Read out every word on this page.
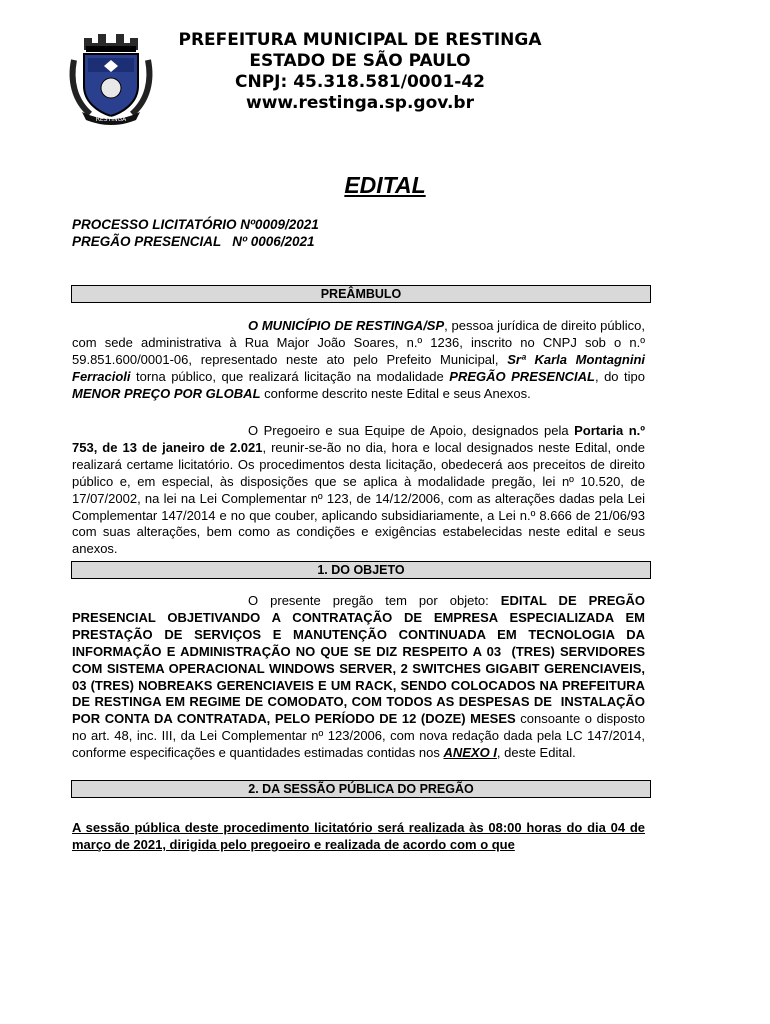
RESTINGA
PREFEITURA MUNICIPAL DE RESTINGA
ESTADO DE SÃO PAULO
CNPJ: 45.318.581/0001-42
www.restinga.sp.gov.br
EDITAL
PROCESSO LICITATÓRIO Nº0009/2021
PREGÃO PRESENCIAL   Nº 0006/2021
PREÂMBULO
O MUNICÍPIO DE RESTINGA/SP, pessoa jurídica de direito público, com sede administrativa à Rua Major João Soares, n.º 1236, inscrito no CNPJ sob o n.º 59.851.600/0001-06, representado neste ato pelo Prefeito Municipal, Srª Karla Montagnini Ferracioli torna público, que realizará licitação na modalidade PREGÃO PRESENCIAL, do tipo  MENOR PREÇO POR GLOBAL conforme descrito neste Edital e seus Anexos.
O Pregoeiro e sua Equipe de Apoio, designados pela Portaria n.º 753, de 13 de janeiro de 2.021, reunir-se-ão no dia, hora e local designados neste Edital, onde realizará certame licitatório. Os procedimentos desta licitação, obedecerá aos preceitos de direito público e, em especial, às disposições que se aplica à modalidade pregão, lei nº 10.520, de 17/07/2002, na lei na Lei Complementar nº 123, de 14/12/2006, com as alterações dadas pela Lei Complementar 147/2014 e no que couber, aplicando subsidiariamente, a Lei n.º 8.666 de 21/06/93 com suas alterações, bem como as condições e exigências estabelecidas neste edital e seus anexos.
1. DO OBJETO
O presente pregão tem por objeto: EDITAL DE PREGÃO PRESENCIAL OBJETIVANDO A CONTRATAÇÃO DE EMPRESA ESPECIALIZADA EM PRESTAÇÃO DE SERVIÇOS E MANUTENÇÃO CONTINUADA EM TECNOLOGIA DA INFORMAÇÃO E ADMINISTRAÇÃO NO QUE SE DIZ RESPEITO A 03  (TRES) SERVIDORES COM SISTEMA OPERACIONAL WINDOWS SERVER, 2 SWITCHES GIGABIT GERENCIAVEIS, 03 (TRES) NOBREAKS GERENCIAVEIS E UM RACK, SENDO COLOCADOS NA PREFEITURA DE RESTINGA EM REGIME DE COMODATO, COM TODOS AS DESPESAS DE  INSTALAÇÃO POR CONTA DA CONTRATADA, PELO PERÍODO DE 12 (DOZE) MESES consoante o disposto no art. 48, inc. III, da Lei Complementar nº 123/2006, com nova redação dada pela LC 147/2014, conforme especificações e quantidades estimadas contidas nos ANEXO I, deste Edital.
2. DA SESSÃO PÚBLICA DO PREGÃO
A sessão pública deste procedimento licitatório será realizada às 08:00 horas do dia 04 de março de 2021, dirigida pelo pregoeiro e realizada de acordo com o que
